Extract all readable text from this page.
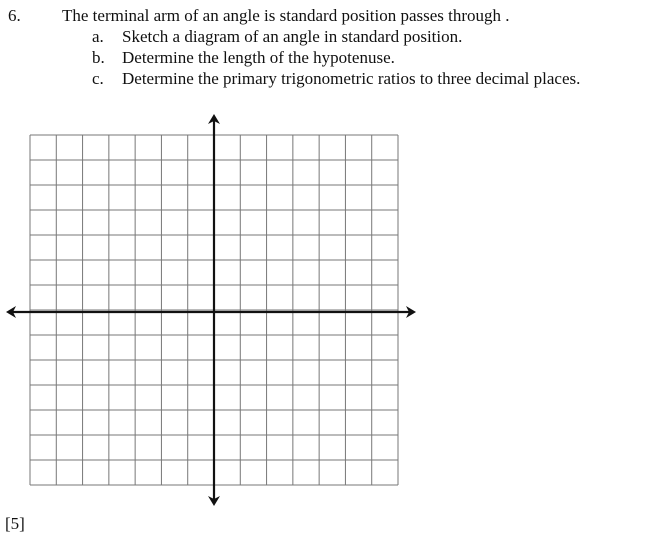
6. The terminal arm of an angle is standard position passes through .
a. Sketch a diagram of an angle in standard position.
b. Determine the length of the hypotenuse.
c. Determine the primary trigonometric ratios to three decimal places.
[5]
